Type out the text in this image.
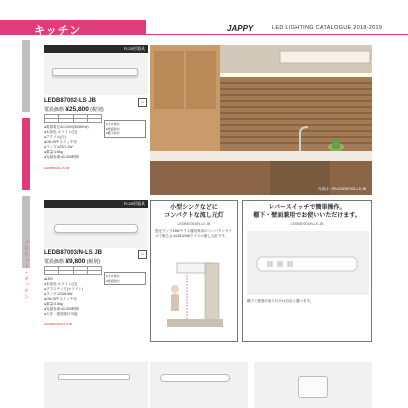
キッチン	JAPPY	LED LIGHTING CATALOGUE 2018-2019
ブラケット・キッチン
FL20形器具
LEDB87002-LS JB
電設価格 ¥25,800 (税別)
◇

●電源電圧AC100V(50/60Hz)
●本体色:ホワイト(白)
●アクリル(白)
●ON-OFFスイッチ付
●ランプ:LED7.2W
●重量:1.6kg
●光源寿命:40,000時間
●天井取付
●壁面取付
●棚下取付
LEDB87002-LS JB
FL20形器具
LEDB87003/N-LS JB
電設価格 ¥9,800 (税別)
◇

●LED
●本体色:ホワイト(白)
●プラスチック(ホワイト)
●ランプ:LED6.8W
●ON-OFFスイッチ付
●重量:0.5kg
●光源寿命:40,000時間
●天井・壁面取付可能
●天井取付
●壁面取付
LEDB87003/N-LS JB
写真は一例:LEDB87002-LS JB
小型シンクなどに
コンパクトな流し元灯
LEDB87003/N-LS JB
蛍光ランプ15Wクラス器具専用のコンパクトサイズで明るさはLED20Wクラスの流し元灯です。
レバースイッチで簡単操作。
棚下・壁面兼用でお使いいただけます。
LEDB87003/N-LS JB
棚下と壁面の取り付けは自由に選べます。
